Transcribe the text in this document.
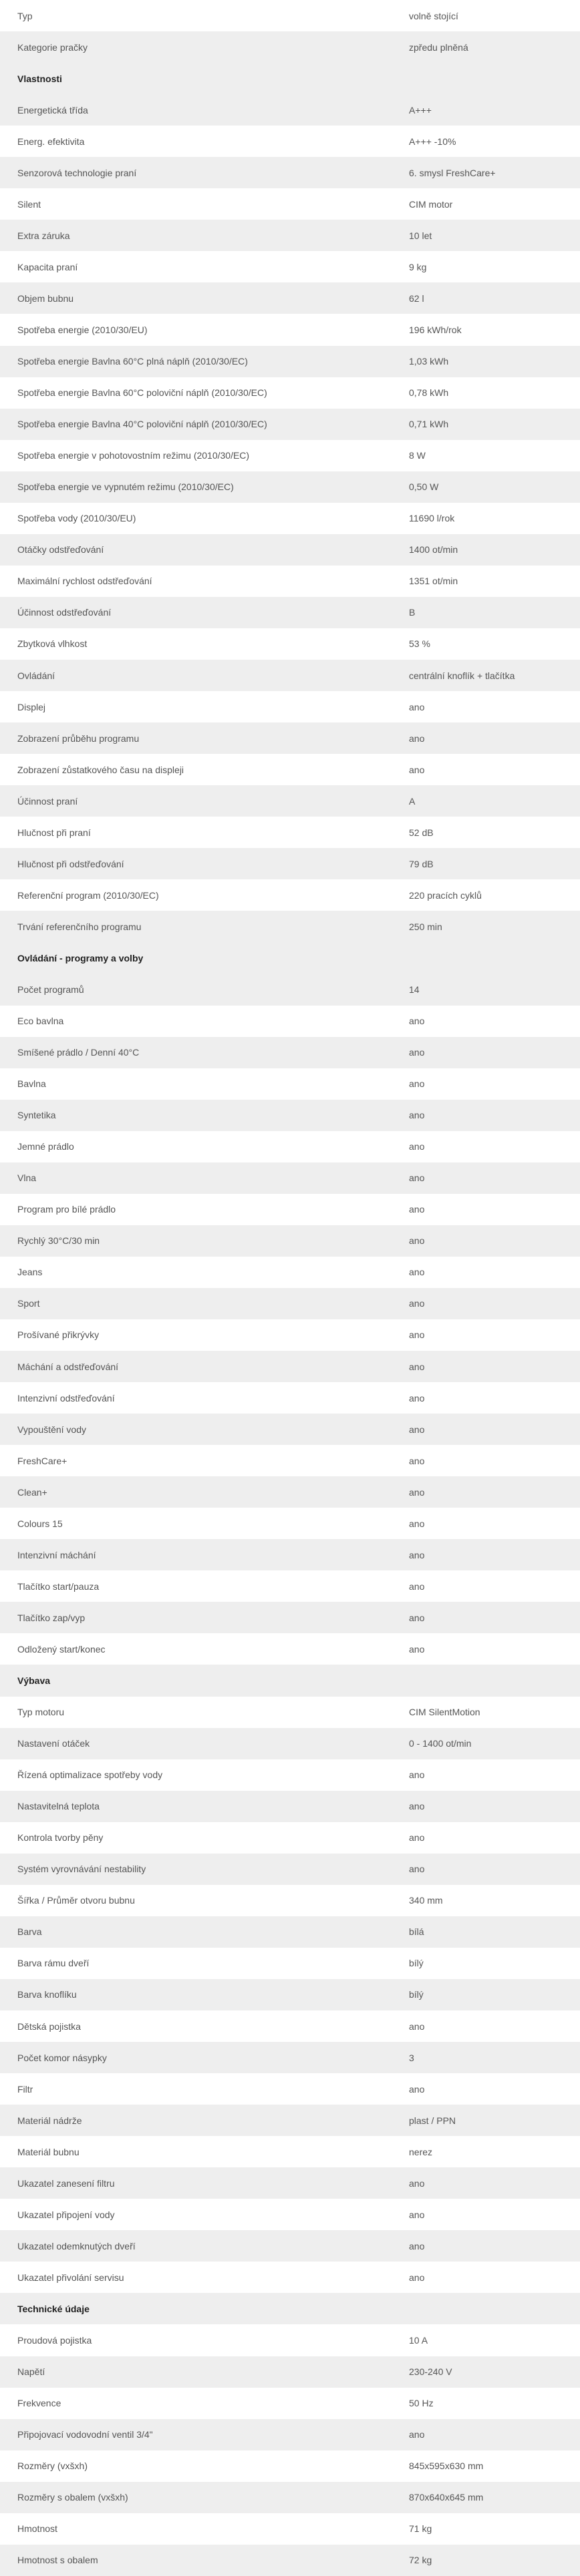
Typ	volně stojící
Kategorie pračky	zpředu plněná
Vlastnosti	
Energetická třída	A+++
Energ. efektivita	A+++ -10%
Senzorová technologie praní	6. smysl FreshCare+
Silent	CIM motor
Extra záruka	10 let
Kapacita praní	9 kg
Objem bubnu	62 l
Spotřeba energie (2010/30/EU)	196 kWh/rok
Spotřeba energie Bavlna 60°C plná náplň (2010/30/EC)	1,03 kWh
Spotřeba energie Bavlna 60°C poloviční náplň (2010/30/EC)	0,78 kWh
Spotřeba energie Bavlna 40°C poloviční náplň (2010/30/EC)	0,71 kWh
Spotřeba energie v pohotovostním režimu (2010/30/EC)	8 W
Spotřeba energie ve vypnutém režimu (2010/30/EC)	0,50 W
Spotřeba vody (2010/30/EU)	11690 l/rok
Otáčky odstřeďování	1400 ot/min
Maximální rychlost odstřeďování	1351 ot/min
Účinnost odstřeďování	B
Zbytková vlhkost	53 %
Ovládání	centrální knoflík + tlačítka
Displej	ano
Zobrazení průběhu programu	ano
Zobrazení zůstatkového času na displeji	ano
Účinnost praní	A
Hlučnost při praní	52 dB
Hlučnost při odstřeďování	79 dB
Referenční program (2010/30/EC)	220 pracích cyklů
Trvání referenčního programu	250 min
Ovládání - programy a volby	
Počet programů	14
Eco bavlna	ano
Smíšené prádlo / Denní 40°C	ano
Bavlna	ano
Syntetika	ano
Jemné prádlo	ano
Vlna	ano
Program pro bílé prádlo	ano
Rychlý 30°C/30 min	ano
Jeans	ano
Sport	ano
Prošívané přikrývky	ano
Máchání a odstřeďování	ano
Intenzivní odstřeďování	ano
Vypouštění vody	ano
FreshCare+	ano
Clean+	ano
Colours 15	ano
Intenzivní máchání	ano
Tlačítko start/pauza	ano
Tlačítko zap/vyp	ano
Odložený start/konec	ano
Výbava	
Typ motoru	CIM SilentMotion
Nastavení otáček	0 - 1400 ot/min
Řízená optimalizace spotřeby vody	ano
Nastavitelná teplota	ano
Kontrola tvorby pěny	ano
Systém vyrovnávání nestability	ano
Šířka / Průměr otvoru bubnu	340 mm
Barva	bílá
Barva rámu dveří	bílý
Barva knoflíku	bílý
Dětská pojistka	ano
Počet komor násypky	3
Filtr	ano
Materiál nádrže	plast / PPN
Materiál bubnu	nerez
Ukazatel zanesení filtru	ano
Ukazatel připojení vody	ano
Ukazatel odemknutých dveří	ano
Ukazatel přivolání servisu	ano
Technické údaje	
Proudová pojistka	10 A
Napětí	230-240 V
Frekvence	50 Hz
Připojovací vodovodní ventil 3/4"	ano
Rozměry (vxšxh)	845x595x630 mm
Rozměry s obalem (vxšxh)	870x640x645 mm
Hmotnost	71 kg
Hmotnost s obalem	72 kg
